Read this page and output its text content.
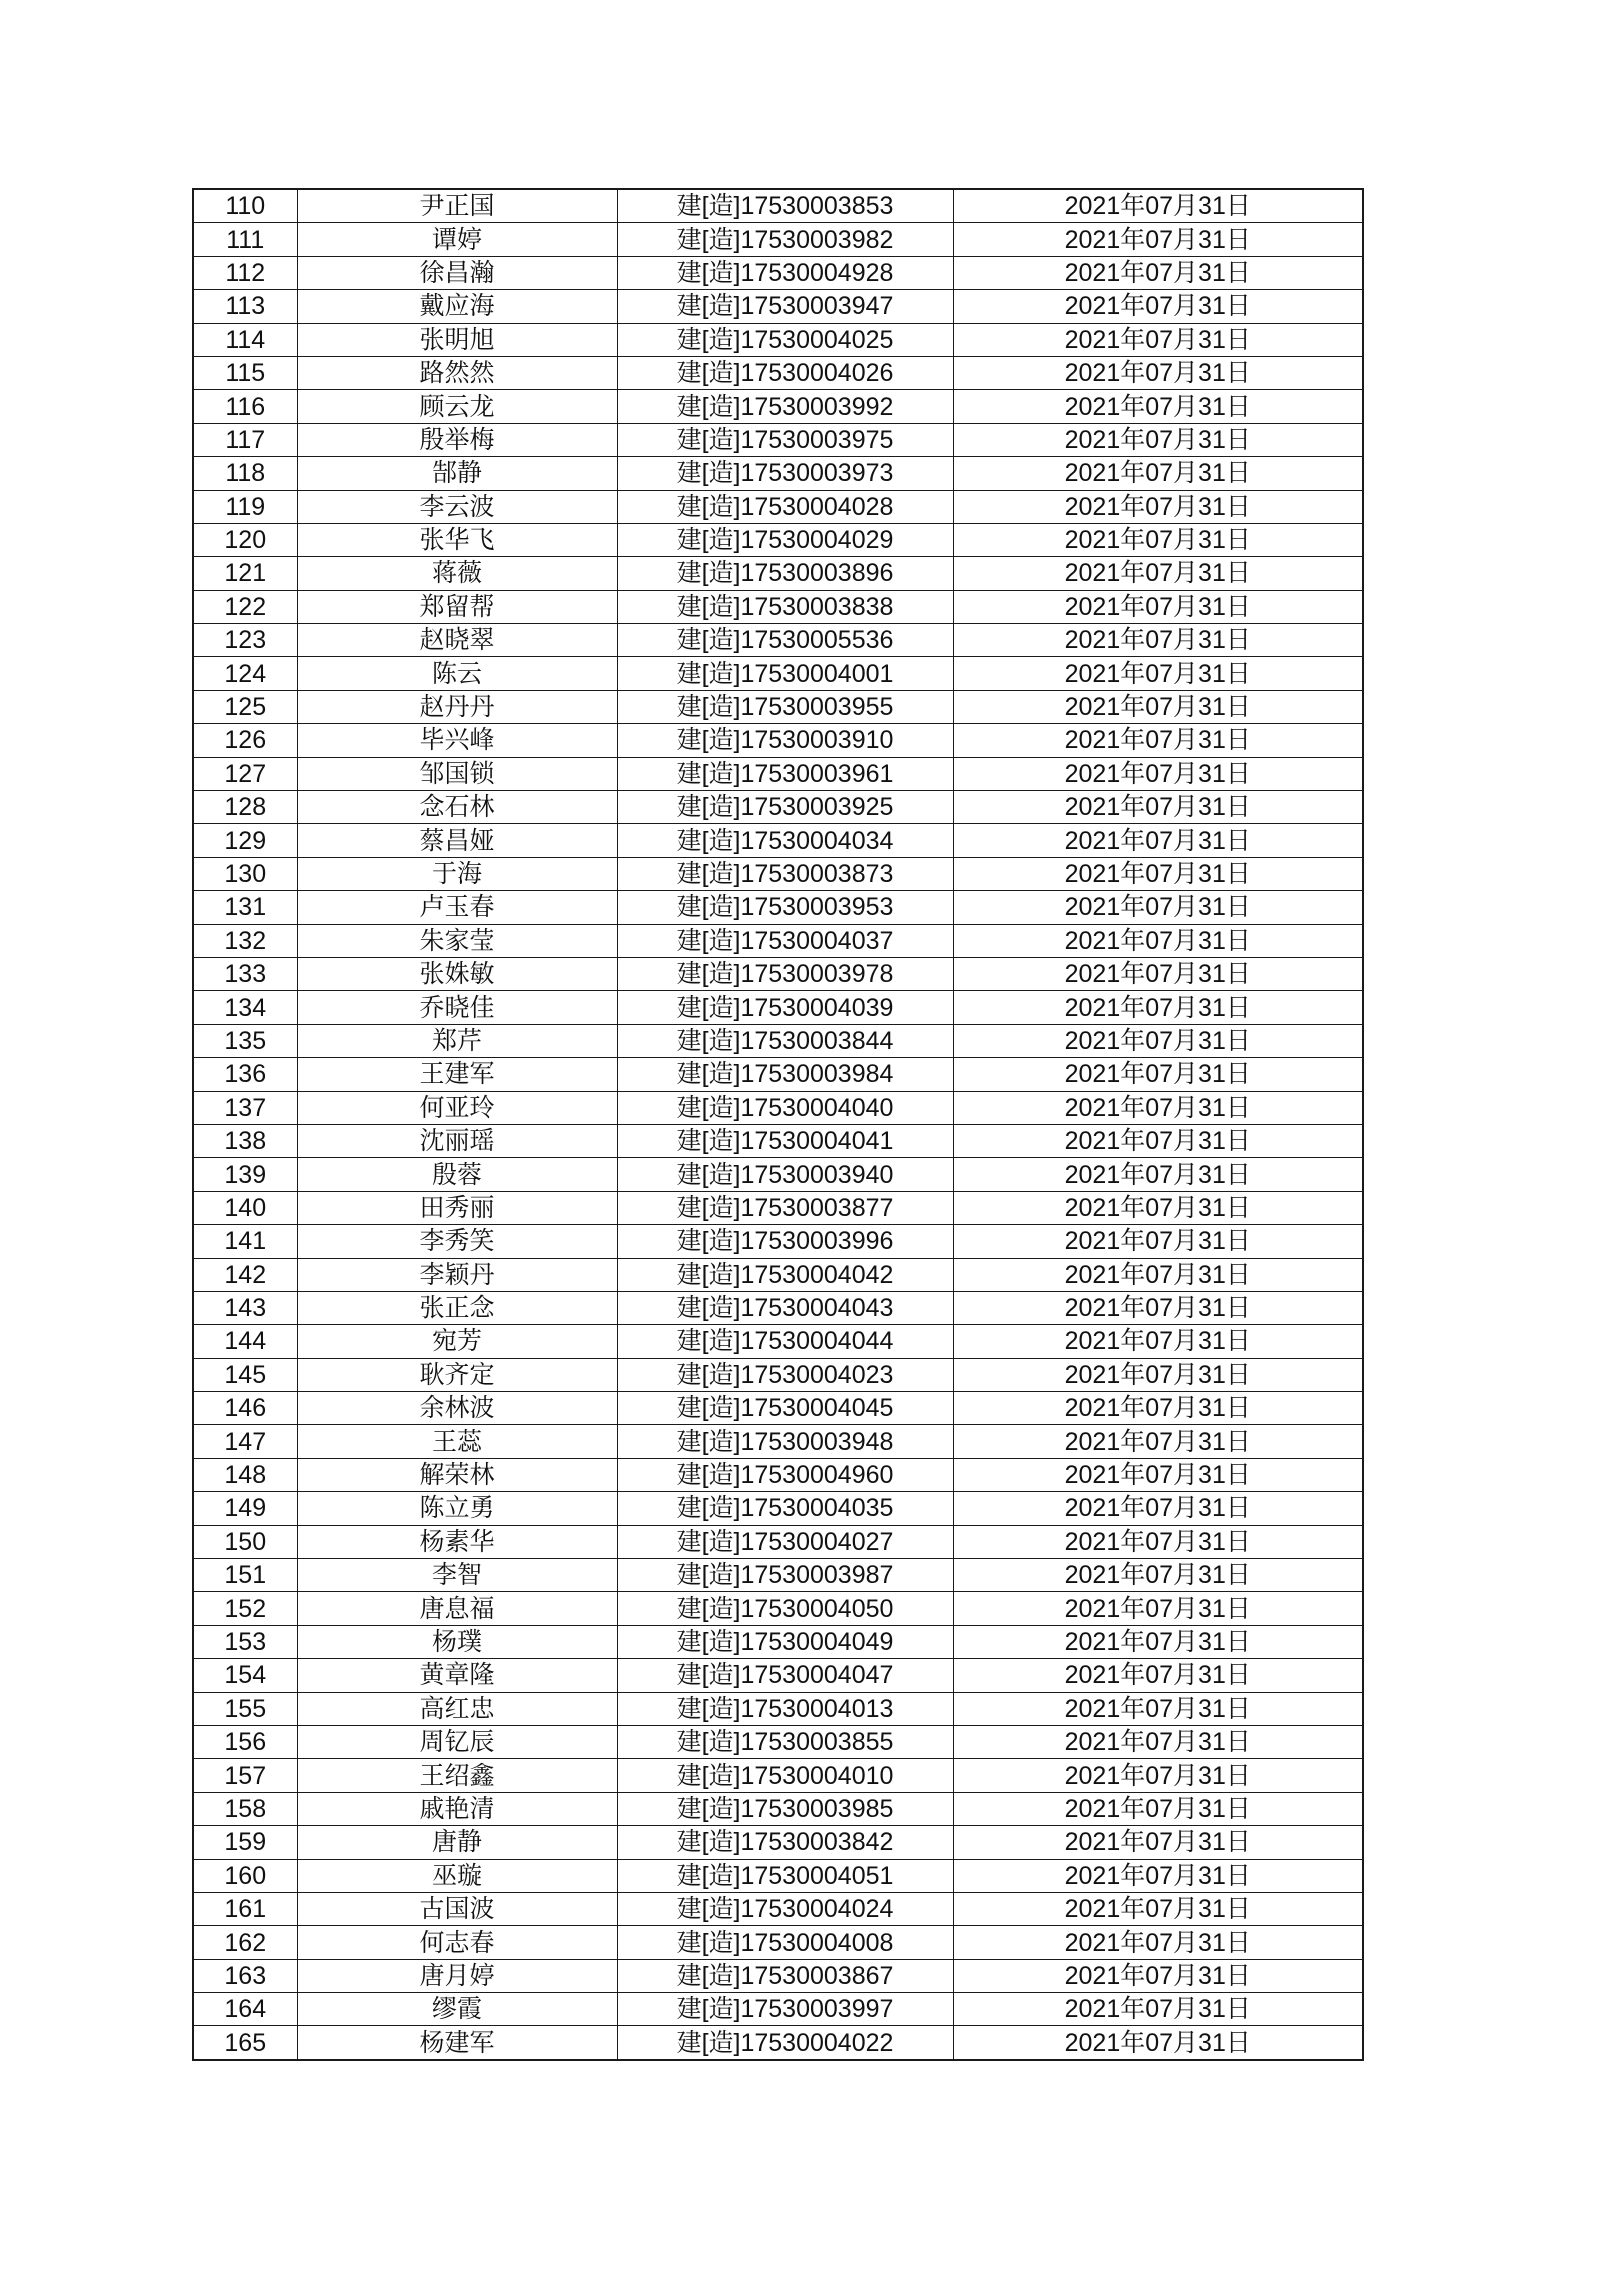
110	尹正国	建[造]17530003853	2021年07月31日
111	谭婷	建[造]17530003982	2021年07月31日
112	徐昌瀚	建[造]17530004928	2021年07月31日
113	戴应海	建[造]17530003947	2021年07月31日
114	张明旭	建[造]17530004025	2021年07月31日
115	路然然	建[造]17530004026	2021年07月31日
116	顾云龙	建[造]17530003992	2021年07月31日
117	殷举梅	建[造]17530003975	2021年07月31日
118	郜静	建[造]17530003973	2021年07月31日
119	李云波	建[造]17530004028	2021年07月31日
120	张华飞	建[造]17530004029	2021年07月31日
121	蒋薇	建[造]17530003896	2021年07月31日
122	郑留帮	建[造]17530003838	2021年07月31日
123	赵晓翠	建[造]17530005536	2021年07月31日
124	陈云	建[造]17530004001	2021年07月31日
125	赵丹丹	建[造]17530003955	2021年07月31日
126	毕兴峰	建[造]17530003910	2021年07月31日
127	邹国锁	建[造]17530003961	2021年07月31日
128	念石林	建[造]17530003925	2021年07月31日
129	蔡昌娅	建[造]17530004034	2021年07月31日
130	于海	建[造]17530003873	2021年07月31日
131	卢玉春	建[造]17530003953	2021年07月31日
132	朱家莹	建[造]17530004037	2021年07月31日
133	张姝敏	建[造]17530003978	2021年07月31日
134	乔晓佳	建[造]17530004039	2021年07月31日
135	郑芹	建[造]17530003844	2021年07月31日
136	王建军	建[造]17530003984	2021年07月31日
137	何亚玲	建[造]17530004040	2021年07月31日
138	沈丽瑶	建[造]17530004041	2021年07月31日
139	殷蓉	建[造]17530003940	2021年07月31日
140	田秀丽	建[造]17530003877	2021年07月31日
141	李秀笑	建[造]17530003996	2021年07月31日
142	李颖丹	建[造]17530004042	2021年07月31日
143	张正念	建[造]17530004043	2021年07月31日
144	宛芳	建[造]17530004044	2021年07月31日
145	耿齐定	建[造]17530004023	2021年07月31日
146	余林波	建[造]17530004045	2021年07月31日
147	王蕊	建[造]17530003948	2021年07月31日
148	解荣林	建[造]17530004960	2021年07月31日
149	陈立勇	建[造]17530004035	2021年07月31日
150	杨素华	建[造]17530004027	2021年07月31日
151	李智	建[造]17530003987	2021年07月31日
152	唐息福	建[造]17530004050	2021年07月31日
153	杨璞	建[造]17530004049	2021年07月31日
154	黄章隆	建[造]17530004047	2021年07月31日
155	高红忠	建[造]17530004013	2021年07月31日
156	周钇辰	建[造]17530003855	2021年07月31日
157	王绍鑫	建[造]17530004010	2021年07月31日
158	戚艳清	建[造]17530003985	2021年07月31日
159	唐静	建[造]17530003842	2021年07月31日
160	巫璇	建[造]17530004051	2021年07月31日
161	古国波	建[造]17530004024	2021年07月31日
162	何志春	建[造]17530004008	2021年07月31日
163	唐月婷	建[造]17530003867	2021年07月31日
164	缪霞	建[造]17530003997	2021年07月31日
165	杨建军	建[造]17530004022	2021年07月31日
